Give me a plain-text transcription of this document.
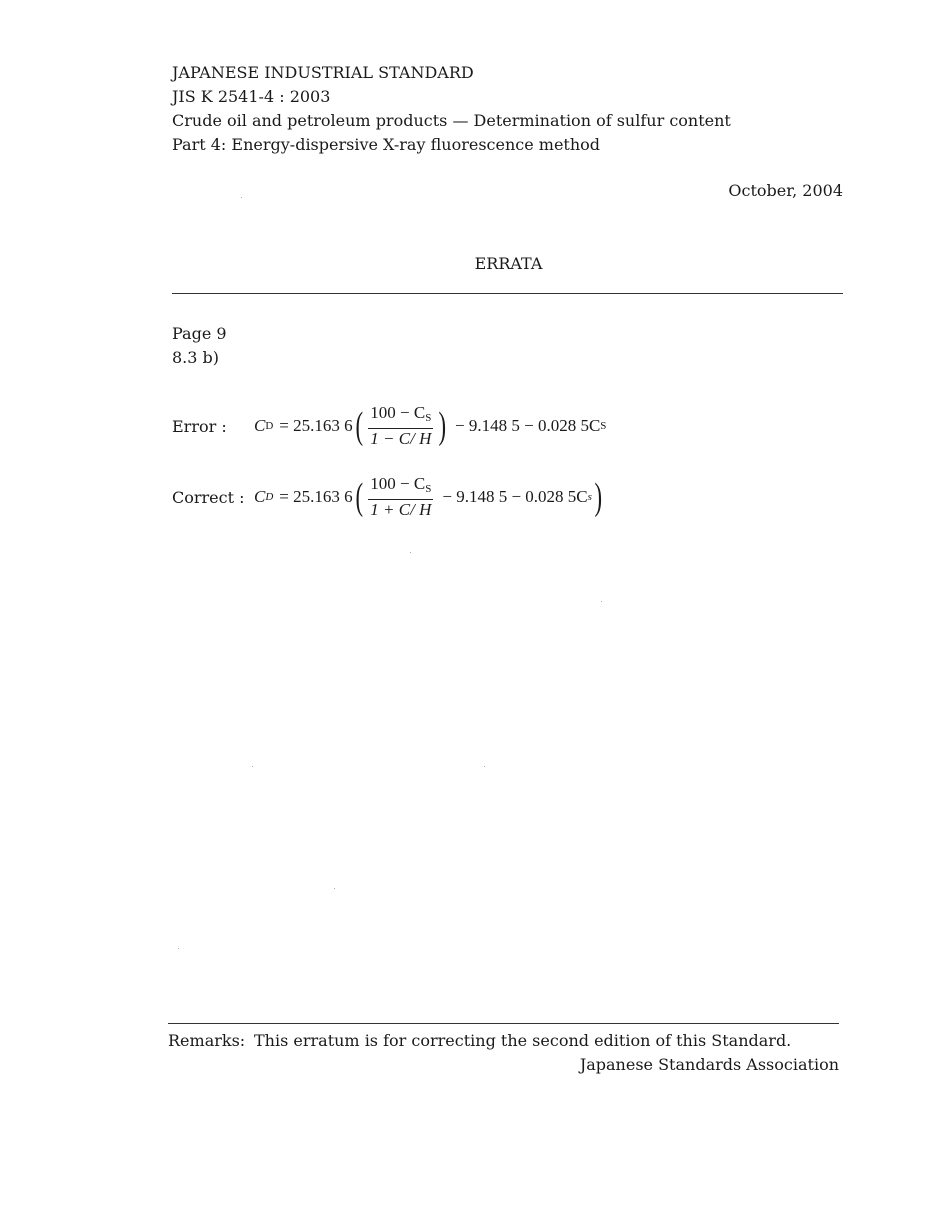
JAPANESE INDUSTRIAL STANDARD
JIS K 2541-4 : 2003
Crude oil and petroleum products — Determination of sulfur content
Part 4: Energy-dispersive X-ray fluorescence method
October, 2004
ERRATA
Page 9
8.3 b)
Error : C D = 25.163 6 ( $\frac{100 - C_S}{1 - C/ H}$ ) − 9.148 5 − 0.028 5C S
Correct : C D = 25.163 6 ( $\frac{100 - C_S}{1 + C/ H} - 9.148$ 5 − 0.028 5C s )
Remarks: This erratum is for correcting the second edition of this Standard.
Japanese Standards Association
